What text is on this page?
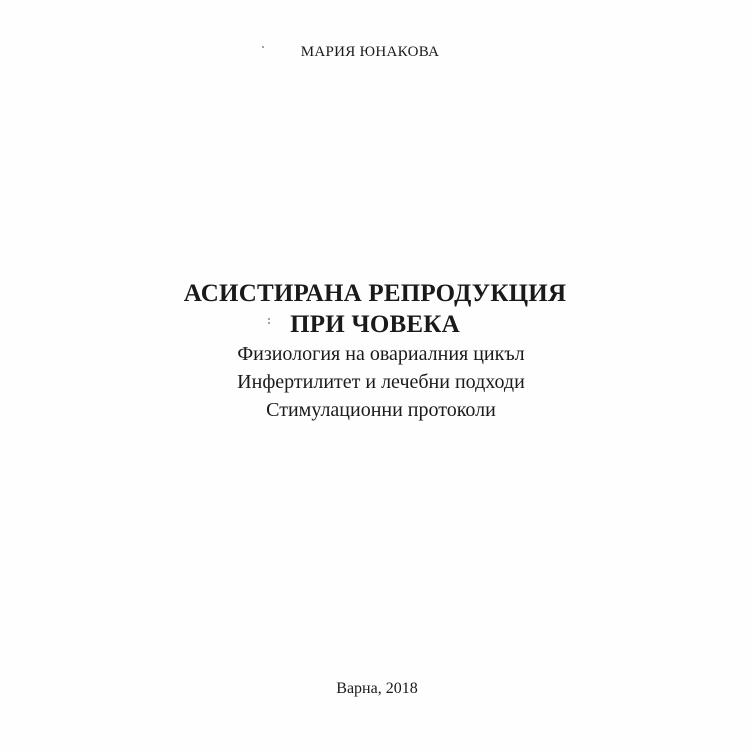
МАРИЯ ЮНАКОВА
АСИСТИРАНА РЕПРОДУКЦИЯ
ПРИ ЧОВЕКА
Физиология на овариалния цикъл
Инфертилитет и лечебни подходи
Стимулационни протоколи
Варна, 2018
